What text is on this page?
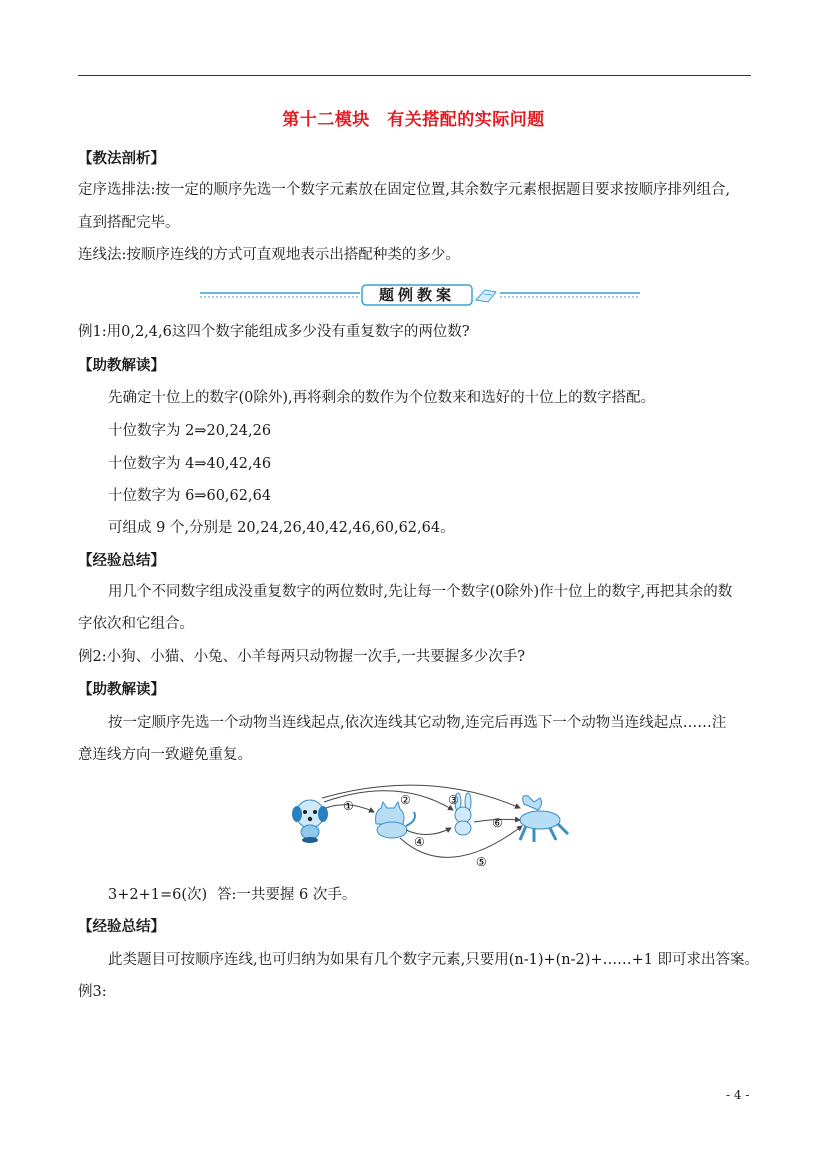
第十二模块　有关搭配的实际问题
【教法剖析】
定序选排法:按一定的顺序先选一个数字元素放在固定位置,其余数字元素根据题目要求按顺序排列组合,
直到搭配完毕。
连线法:按顺序连线的方式可直观地表示出搭配种类的多少。
题例教案
例1:用0,2,4,6这四个数字能组成多少没有重复数字的两位数?
【助教解读】
先确定十位上的数字(0除外),再将剩余的数作为个位数来和选好的十位上的数字搭配。
十位数字为 2⇒20,24,26
十位数字为 4⇒40,42,46
十位数字为 6⇒60,62,64
可组成 9 个,分别是 20,24,26,40,42,46,60,62,64。
【经验总结】
用几个不同数字组成没重复数字的两位数时,先让每一个数字(0除外)作十位上的数字,再把其余的数
字依次和它组合。
例2:小狗、小猫、小兔、小羊每两只动物握一次手,一共要握多少次手?
【助教解读】
按一定顺序先选一个动物当连线起点,依次连线其它动物,连完后再选下一个动物当连线起点……注
意连线方向一致避免重复。
①	②	③
④
⑤
⑥
3+2+1=6(次) 答:一共要握 6 次手。
【经验总结】
此类题目可按顺序连线,也可归纳为如果有几个数字元素,只要用(n-1)+(n-2)+……+1 即可求出答案。
例3:
- 4 -
